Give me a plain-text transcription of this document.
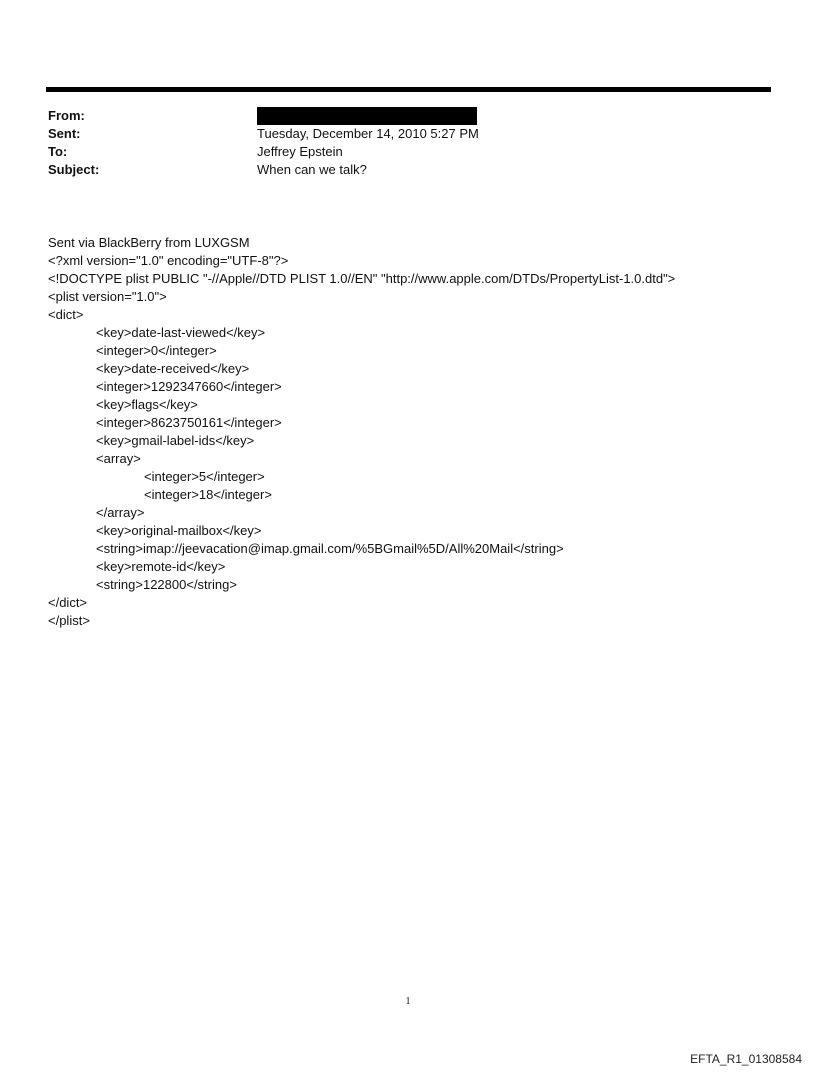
From:
Sent:	Tuesday, December 14, 2010 5:27 PM
To:	Jeffrey Epstein
Subject:	When can we talk?
Sent via BlackBerry from LUXGSM
<?xml version="1.0" encoding="UTF-8"?>
<!DOCTYPE plist PUBLIC "-//Apple//DTD PLIST 1.0//EN" "http://www.apple.com/DTDs/PropertyList-1.0.dtd">
<plist version="1.0">
<dict>
<key>date-last-viewed</key>
<integer>0</integer>
<key>date-received</key>
<integer>1292347660</integer>
<key>flags</key>
<integer>8623750161</integer>
<key>gmail-label-ids</key>
<array>
<integer>5</integer>
<integer>18</integer>
</array>
<key>original-mailbox</key>
<string>imap://jeevacation@imap.gmail.com/%5BGmail%5D/All%20Mail</string>
<key>remote-id</key>
<string>122800</string>
</dict>
</plist>
1
EFTA_R1_01308584
